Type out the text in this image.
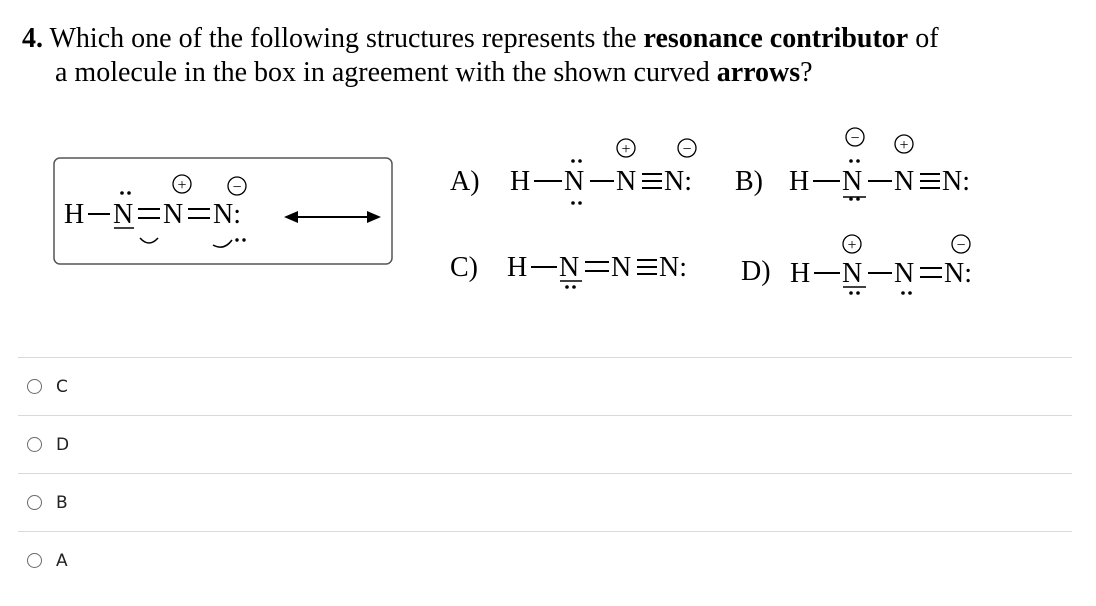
4. Which one of the following structures represents the resonance contributor of
a molecule in the box in agreement with the shown curved arrows?
H N N N:
+	−	A) H N N N:
+	−
B) H N N N:
− +
C) H N N N: D) H N N N:
+	−
C
D
B
A
